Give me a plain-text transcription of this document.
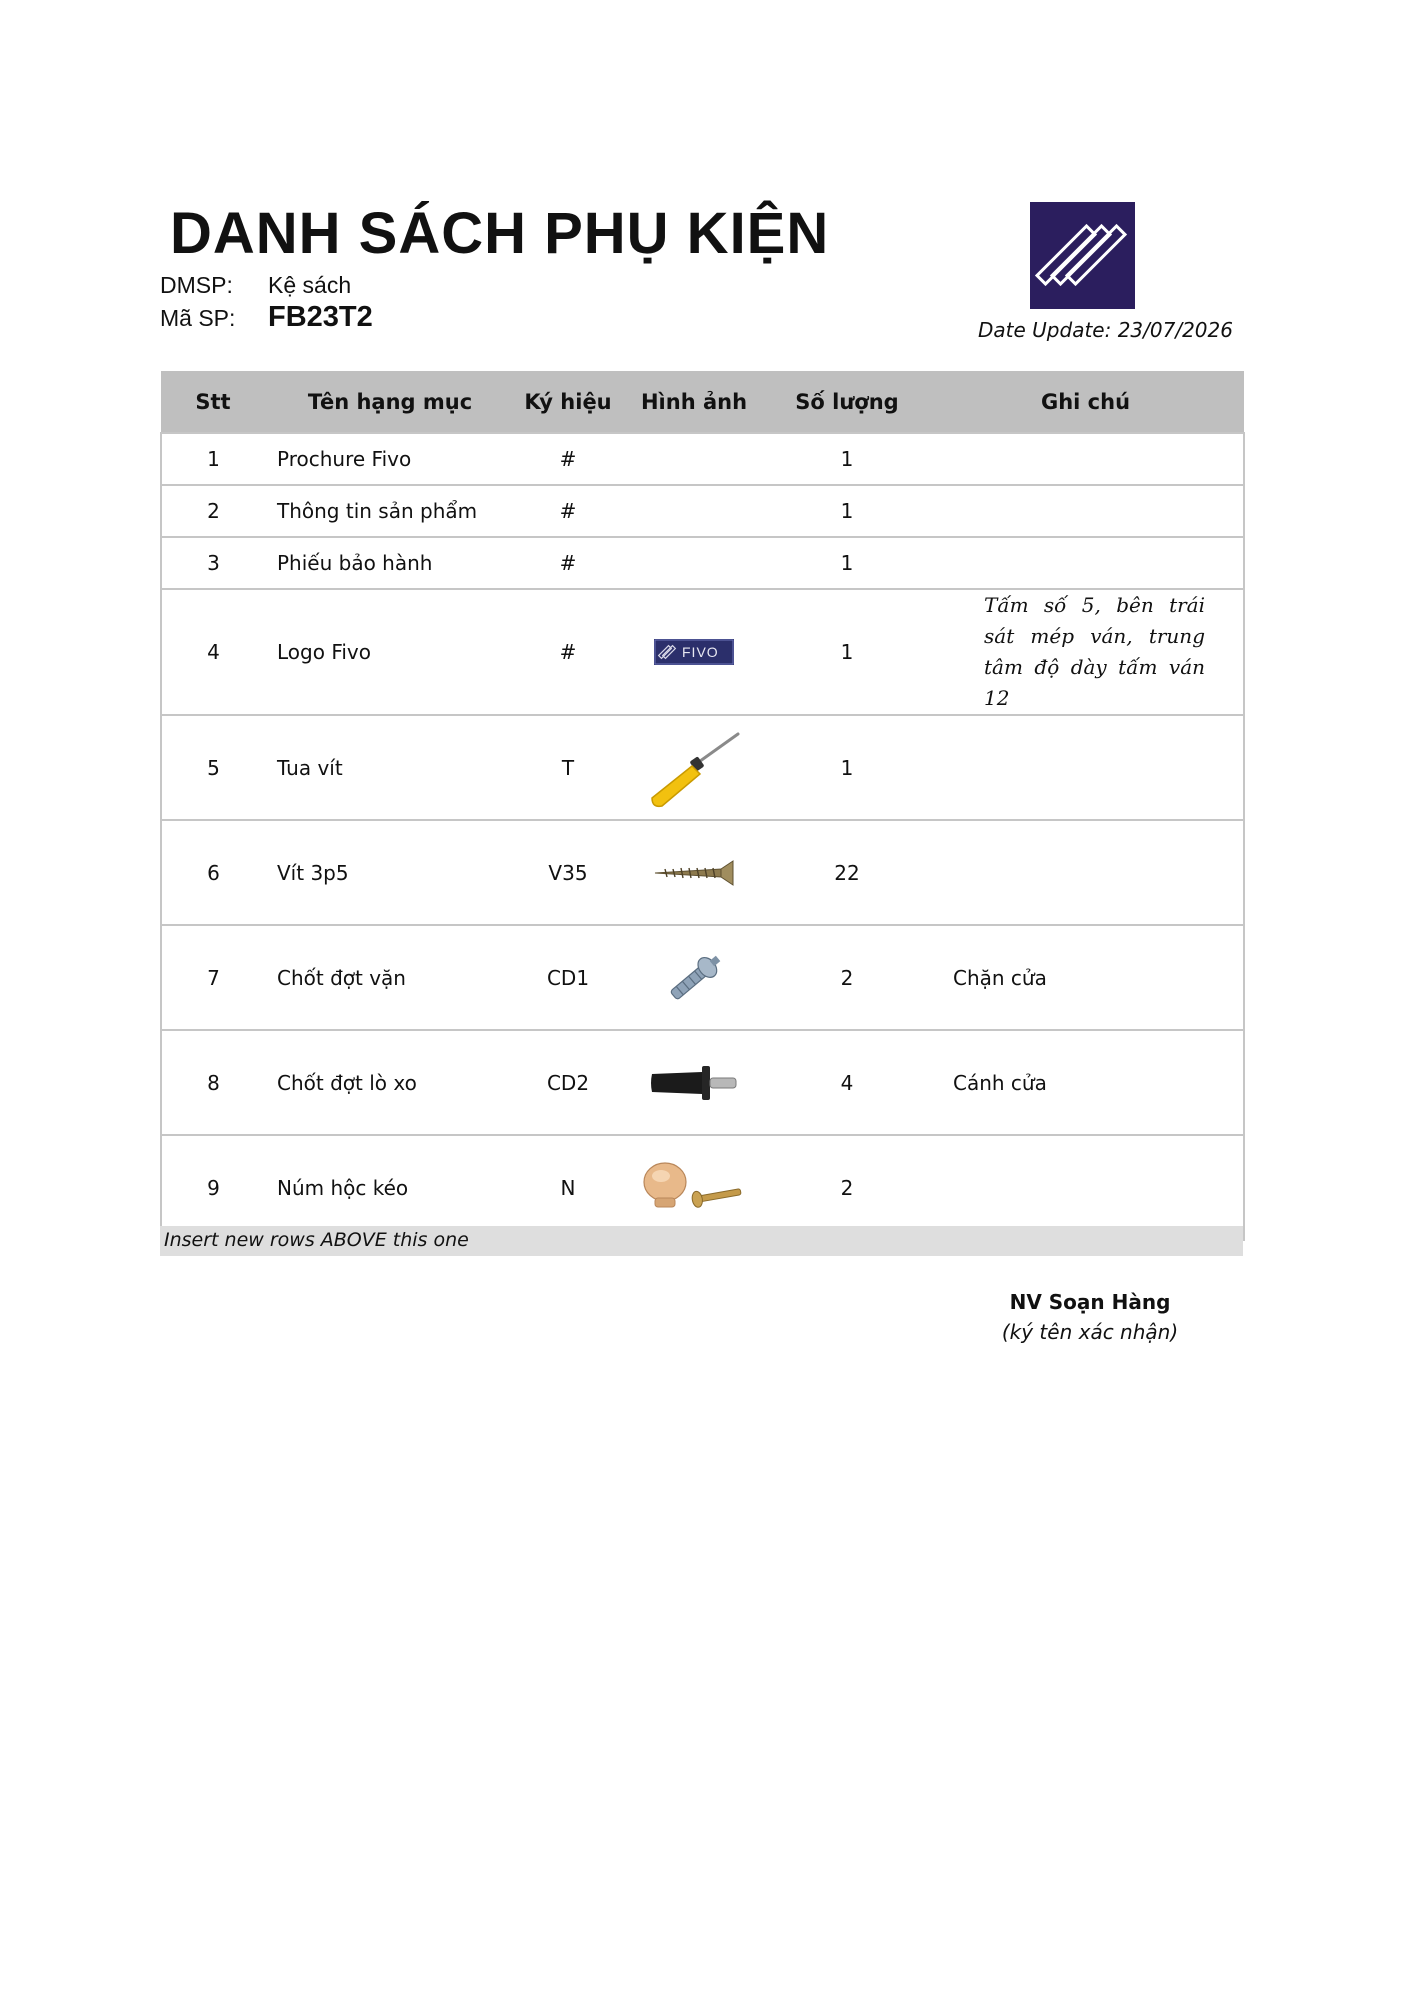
DANH SÁCH PHỤ KIỆN
DMSP: Kệ sách
Mã SP: FB23T2	Date Update: 23/07/2026
Stt	Tên hạng mục	Ký hiệu	Hình ảnh	Số lượng	Ghi chú
1	Prochure Fivo	#		1	
2	Thông tin sản phẩm	#		1	
3	Phiếu bảo hành	#		1	
4	Logo Fivo	#	FIVO	1	Tấm số 5, bên trái sát mép ván, trung tâm độ dày tấm ván 12
5	Tua vít	T		1	
6	Vít 3p5	V35		22	
7	Chốt đợt vặn	CD1		2	Chặn cửa
8	Chốt đợt lò xo	CD2		4	Cánh cửa
9	Núm hộc kéo	N		2	
Insert new rows ABOVE this one
NV Soạn Hàng
(ký tên xác nhận)
